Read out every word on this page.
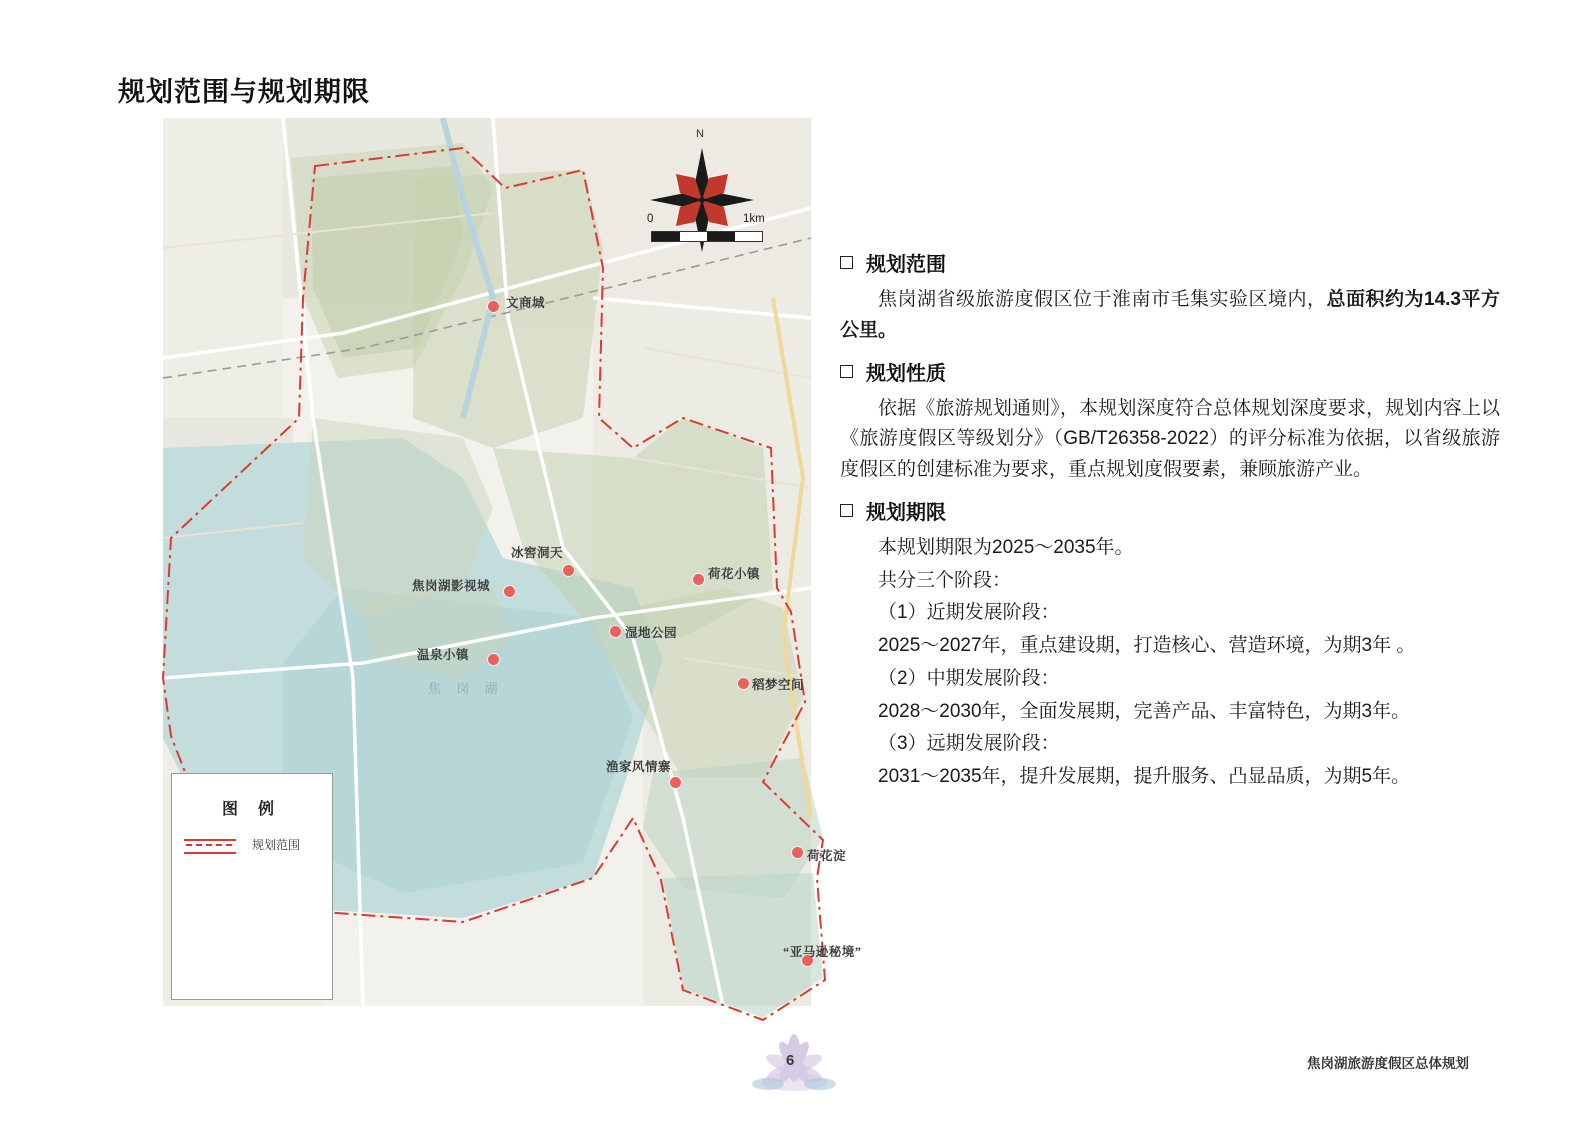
规划范围与规划期限
焦 岗 湖
N
0	1km
文商城
冰窖洞天
荷花小镇
焦岗湖影视城
湿地公园
温泉小镇
稻梦空间
渔家风情寨
荷花淀
“亚马逊秘境”
图 例
规划范围
规划范围

焦岗湖省级旅游度假区位于淮南市毛集实验区境内，总面积约为14.3平方公里。

规划性质

依据《旅游规划通则》，本规划深度符合总体规划深度要求，规划内容上以《旅游度假区等级划分》（GB/T26358-2022）的评分标准为依据，以省级旅游度假区的创建标准为要求，重点规划度假要素，兼顾旅游产业。

规划期限

本规划期限为2025～2035年。

共分三个阶段：

（1）近期发展阶段：

2025～2027年，重点建设期，打造核心、营造环境，为期3年 。

（2）中期发展阶段：

2028～2030年，全面发展期，完善产品、丰富特色，为期3年。

（3）远期发展阶段：

2031～2035年，提升发展期，提升服务、凸显品质，为期5年。

6	焦岗湖旅游度假区总体规划
